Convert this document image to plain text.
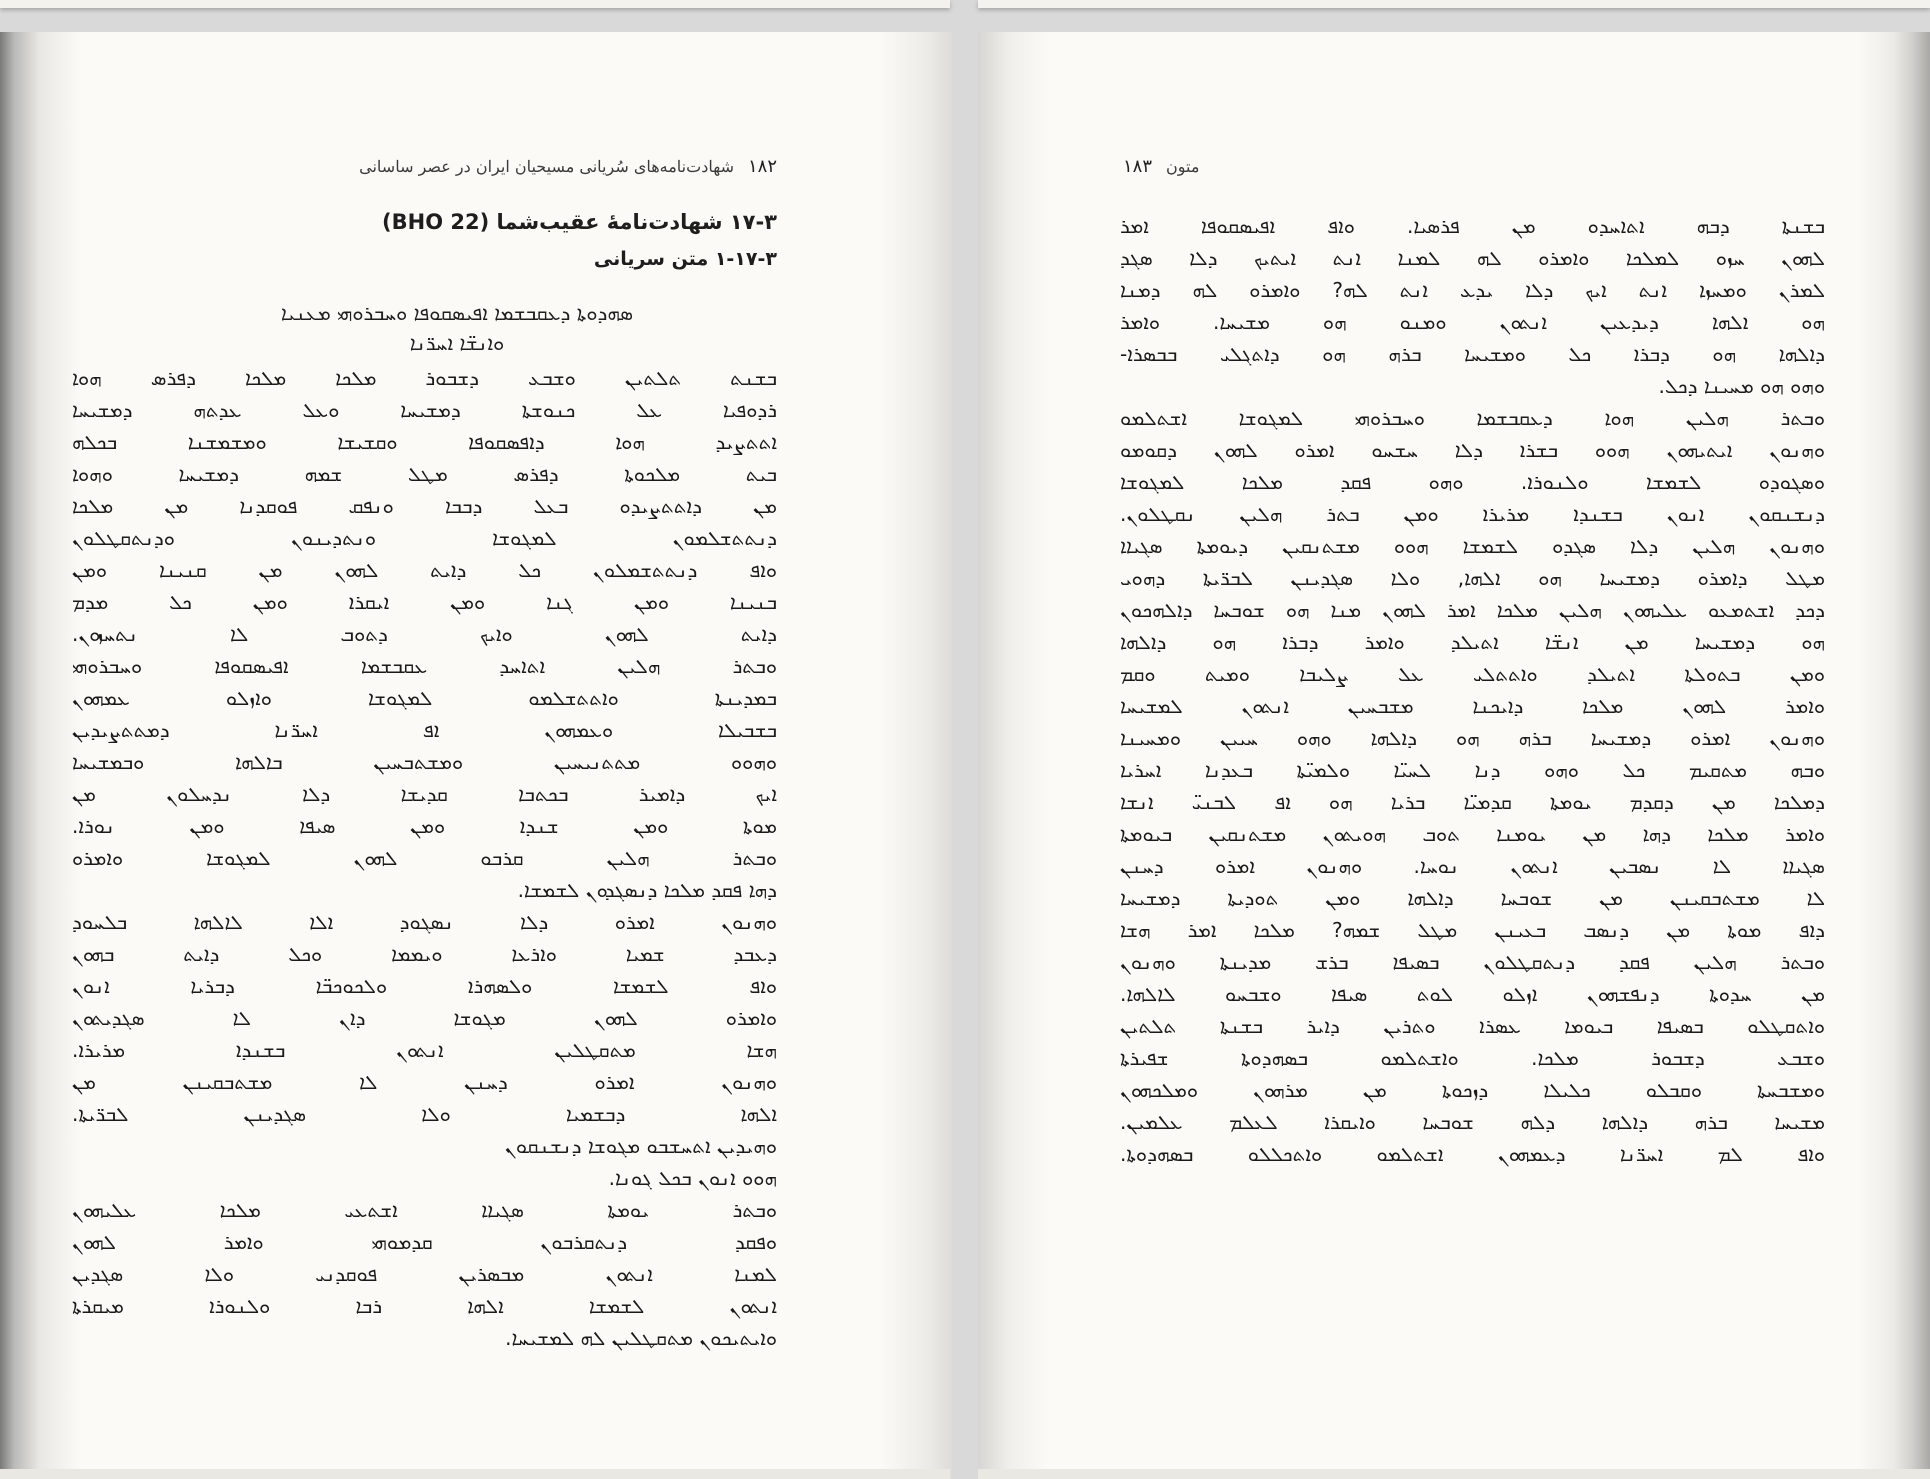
۱۸۲
شهادت‌نامه‌های سُریانی مسیحیان ایران در عصر ساسانی
۱۷-۳ شهادت‌نامهٔ عقیب‌شما (BHO 22)
۱-۱۷-۳ متن سریانی
ܣܗܕܘܬܐ ܕܥܩܒܫܡܐ ܐܦܝܣܩܘܦܐ ܘܚܒܪܘܗܝ ܡܥܢܝܐ
ܘܐܢܫ̈ܐ ܐܚܪ̈ܢܐ
ܒܫܢܬ ܬܠܬܝܢ ܘܫܒܥ ܕܫܒܘܪ ܡܠܟܐ ܡܠܟܐ ܕܦܪܣ ܗܘܐ
ܪܕܘܦܝܐ ܥܠ ܟܢܘܫܬܐ ܕܡܫܝܚܐ ܘܥܠ ܥܕܬܗ ܕܡܫܝܚܐ
ܐܬܬܨܝܕ ܗܘܐ ܕܐܦܣܩܘܦܐ ܘܩܫܝܫܐ ܘܡܫܡܫܢܐ ܒܟܠܗ
ܒܝܬ ܡܠܟܘܬܐ ܕܦܪܣ ܡܛܠ ܫܡܗ ܕܡܫܝܚܐ ܘܗܘܐ
ܡܢ ܕܐܬܬܨܝܕܘ ܒܥܠ ܕܒܒܐ ܘܢܦܩ ܦܘܩܕܢܐ ܡܢ ܡܠܟܐ
ܕܢܬܬܫܠܡܘܢ ܠܡܓܘܫܐ ܘܢܬܕܝܢܘܢ ܘܕܢܬܩܛܠܘܢ
ܘܐܦ ܕܢܬܬܫܡܠܘܢ ܟܠ ܕܐܝܬ ܠܗܘܢ ܡܢ ܩܢܝܢܐ ܘܡܢ
ܒܢܝܢܐ ܘܡܢ ܓܢܐ ܘܡܢ ܐܝܩܪܐ ܘܡܢ ܟܠ ܡܕܡ
ܕܐܝܬ ܠܗܘܢ ܘܐܝܟ ܕܬܘܒ ܠܐ ܢܬܚܙܘܢ.
ܘܒܬܪ ܗܠܝܢ ܐܬܐܚܕ ܥܩܒܫܡܐ ܐܦܝܣܩܘܦܐ ܘܚܒܪܘܗܝ
ܒܡܕܝܢܬܐ ܘܐܬܬܫܠܡܘ ܠܡܓܘܫܐ ܘܐܙܠܘ ܥܡܗܘܢ
ܒܫܒܝܠܐ ܘܥܡܗܘܢ ܐܦ ܐܚܪ̈ܢܐ ܕܡܬܬܨܝܕܝܢ
ܘܗܘܘ ܡܬܬܢܝܚܝܢ ܘܡܫܬܒܚܝܢ ܒܐܠܗܐ ܘܒܡܫܝܚܐ
ܐܝܟ ܕܐܡܝܪ ܒܟܬܒܐ ܩܕܝܫܐ ܕܠܐ ܢܕܚܠܘܢ ܡܢ
ܡܘܬܐ ܘܡܢ ܫܢܕܐ ܘܡܢ ܣܝܦܐ ܘܡܢ ܢܘܪܐ.
ܘܒܬܪ ܗܠܝܢ ܩܪܒܘ ܠܗܘܢ ܠܡܓܘܫܐ ܘܐܡܪܘ
ܕܗܐ ܦܩܕ ܡܠܟܐ ܕܢܣܓܕܘܢ ܠܫܡܫܐ.
ܘܗܢܘܢ ܐܡܪܘ ܕܠܐ ܢܣܓܘܕ ܐܠܐ ܠܐܠܗܐ ܒܠܚܘܕ
ܕܥܒܕ ܫܡܝܐ ܘܐܪܥܐ ܘܝܡܡܐ ܘܟܠ ܕܐܝܬ ܒܗܘܢ
ܘܐܦ ܠܫܡܫܐ ܘܠܣܗܪܐ ܘܠܟܘܟܒ̈ܐ ܕܒܪܝܐ ܐܢܘܢ
ܘܐܡܪܘ ܠܗܘܢ ܡܓܘܫܐ ܕܐܢ ܠܐ ܣܓܕܝܬܘܢ
ܗܫܐ ܡܬܩܛܠܝܢ ܐܢܬܘܢ ܒܫܢܕܐ ܡܪܝܪܐ.
ܘܗܢܘܢ ܐܡܪܘ ܕܚܢܢ ܠܐ ܡܫܬܒܩܝܢܢ ܡܢ
ܐܠܗܐ ܕܒܫܡܝܐ ܘܠܐ ܣܓܕܝܢܢ ܠܒܪ̈ܝܬܐ.
ܘܗܝܕܝܢ ܐܬܚܫܒܘ ܡܓܘܫܐ ܕܢܫܢܩܘܢ
ܗܘܘ ܐܢܘܢ ܒܟܠ ܓܘܢܐ.
ܘܒܬܪ ܝܘܡܬܐ ܣܓܝܐܐ ܐܫܬܥܝ ܡܠܟܐ ܥܠܝܗܘܢ
ܘܦܩܕ ܕܢܬܩܪܒܘܢ ܩܕܡܘܗܝ ܘܐܡܪ ܠܗܘܢ
ܠܡܢܐ ܐܢܬܘܢ ܡܒܣܪܝܢ ܦܘܩܕܢܝ ܘܠܐ ܣܓܕܝܢ
ܐܢܬܘܢ ܠܫܡܫܐ ܐܠܗܐ ܪܒܐ ܘܠܢܘܪܐ ܡܝܩܪܬܐ
ܘܐܝܬܝܟܘܢ ܡܬܩܛܠܝܢ ܠܗ ܠܡܫܝܚܐ.
متون
۱۸۳
ܒܫܢܬܐ ܕܒܗ ܐܬܐܚܕܘ ܡܢ ܦܪܣܝܐ. ܘܐܦ ܐܦܝܣܩܘܦܐ ܐܡܪ
ܠܗܘܢ ܚܙܘ ܠܡܠܟܐ ܘܐܡܪܘ ܠܗ ܠܡܢܐ ܐܢܬ ܐܝܬܝܟ ܕܠܐ ܣܓܕ
ܠܡܪܢ ܘܡܚܙܐ ܐܢܬ ܐܝܟ ܕܠܐ ܝܕܥ ܐܢܬ ܠܗ? ܘܐܡܪܘ ܠܗ ܕܡܢܐ
ܗܘ ܐܠܗܐ ܕܝܕܥܝܢ ܐܢܬܘܢ ܘܡܢܘ ܗܘ ܡܫܝܚܐ. ܘܐܡܪ
ܕܐܠܗܐ ܗܘ ܕܒܪܐ ܟܠ ܘܡܫܝܚܐ ܒܪܗ ܗܘ ܕܐܬܓܠܝ ܒܒܣܪܐ-
ܘܗܘ ܗܘ ܡܚܝܢܐ ܕܟܠ.
ܘܒܬܪ ܗܠܝܢ ܗܘܐ ܕܥܩܒܫܡܐ ܘܚܒܪܘܗܝ ܠܡܓܘܫܐ ܐܫܬܠܡܘ
ܘܗܢܘܢ ܐܝܬܝܗܘܢ ܗܘܘ ܒܫܪܐ ܕܠܐ ܚܫܚܘ ܐܡܪܘ ܠܗܘܢ ܕܩܘܡܘ
ܘܣܓܘܕܘ ܠܫܡܫܐ ܘܠܢܘܪܐ. ܘܗܘ ܦܩܕ ܡܠܟܐ ܠܡܓܘܫܐ
ܕܢܫܢܩܘܢ ܐܢܘܢ ܒܫܢܕܐ ܡܪܝܪܐ ܘܡܢ ܒܬܪ ܗܠܝܢ ܢܩܛܠܘܢ.
ܘܗܢܘܢ ܗܠܝܢ ܕܠܐ ܣܓܕܘ ܠܫܡܫܐ ܗܘܘ ܡܫܬܢܩܝܢ ܕܝܘܡܬܐ ܣܓܝܐܐ
ܡܛܠ ܕܐܡܪܘ ܕܡܫܝܚܐ ܗܘ ܐܠܗܐ, ܘܠܐ ܣܓܕܝܢܢ ܠܒܪ̈ܝܬܐ ܕܗܘܝ
ܕܟܕ ܐܫܬܡܥܘ ܥܠܝܗܘܢ ܗܠܝܢ ܡܠܟܐ ܐܡܪ ܠܗܘܢ ܡܢܐ ܗܘ ܫܘܒܚܐ ܕܐܠܗܟܘܢ
ܗܘ ܕܡܫܝܚܐ ܡܢ ܐܢܫ̈ܐ ܐܬܝܠܕ ܘܐܡܪ ܕܒܪܐ ܗܘ ܕܐܠܗܐ
ܘܡܢ ܒܬܘܠܬܐ ܐܬܝܠܕ ܘܐܬܬܠܝ ܥܠ ܨܠܝܒܐ ܘܡܝܬ ܘܩܡ
ܘܐܡܪ ܠܗܘܢ ܡܠܟܐ ܕܐܝܟܢܐ ܡܫܒܚܝܢ ܐܢܬܘܢ ܠܡܫܝܚܐ
ܘܗܢܘܢ ܐܡܪܘ ܕܡܫܝܚܐ ܒܪܗ ܗܘ ܕܐܠܗܐ ܘܗܘ ܚܝܝܢ ܘܡܚܝܢܐ
ܘܒܗ ܡܬܩܝܡ ܟܠ ܘܗܘ ܕܢܐ ܠܚܝ̈ܐ ܘܠܡܝ̈ܬܐ ܒܥܕܢܐ ܐܚܪܝܐ
ܕܡܠܟܐ ܡܢ ܕܩܕܡ ܝܘܡܬܐ ܩܕܡܝ̈ܐ ܒܪܝܐ ܗܘ ܐܦ ܠܒܢܝ̈ ܐܢܫܐ
ܘܐܡܪ ܡܠܟܐ ܕܗܐ ܡܢ ܝܘܡܢܐ ܬܘܒ ܗܘܝܬܘܢ ܡܫܬܢܩܝܢ ܒܝܘܡܬܐ
ܣܓܝܐܐ ܠܐ ܢܣܒܝܢ ܐܢܬܘܢ ܢܘܚܐ. ܘܗܢܘܢ ܐܡܪܘ ܕܚܢܢ
ܠܐ ܡܫܬܒܩܝܢܢ ܡܢ ܫܘܒܚܐ ܕܐܠܗܐ ܘܡܢ ܬܘܕܝܬܐ ܕܡܫܝܚܐ
ܕܐܦ ܡܘܬܐ ܡܢ ܕܢܣܒ ܒܥܝܢܢ ܡܛܠ ܫܡܗ? ܡܠܟܐ ܐܡܪ ܗܫܐ
ܘܒܬܪ ܗܠܝܢ ܦܩܕ ܕܢܬܩܛܠܘܢ ܒܣܝܦܐ ܒܪܫ ܡܕܝܢܬܐ ܘܗܢܘܢ
ܡܢ ܚܕܘܬܐ ܕܢܦܫܗܘܢ ܐܙܠܘ ܠܘܬ ܣܝܦܐ ܘܫܒܚܘ ܠܐܠܗܐ.
ܘܐܬܩܛܠܘ ܒܣܝܦܐ ܒܝܘܡܐ ܥܣܪܐ ܘܬܪܝܢ ܕܐܝܪ ܒܫܢܬܐ ܬܠܬܝܢ
ܘܫܒܥ ܕܫܒܘܪ ܡܠܟܐ. ܘܐܫܬܠܡܘ ܒܣܗܕܘܬܐ ܫܦܝܪܬܐ
ܘܡܫܒܚܬܐ ܘܩܒܠܘ ܟܠܝܠܐ ܕܙܟܘܬܐ ܡܢ ܡܪܗܘܢ ܘܡܠܟܗܘܢ
ܡܫܝܚܐ ܒܪܗ ܕܐܠܗܐ ܕܠܗ ܫܘܒܚܐ ܘܐܝܩܪܐ ܠܥܠܡ ܥܠܡܝܢ.
ܘܐܦ ܠܡ ܐܚܪ̈ܢܐ ܕܥܡܗܘܢ ܐܫܬܠܡܘ ܘܐܬܟܠܠܘ ܒܣܗܕܘܬܐ.
